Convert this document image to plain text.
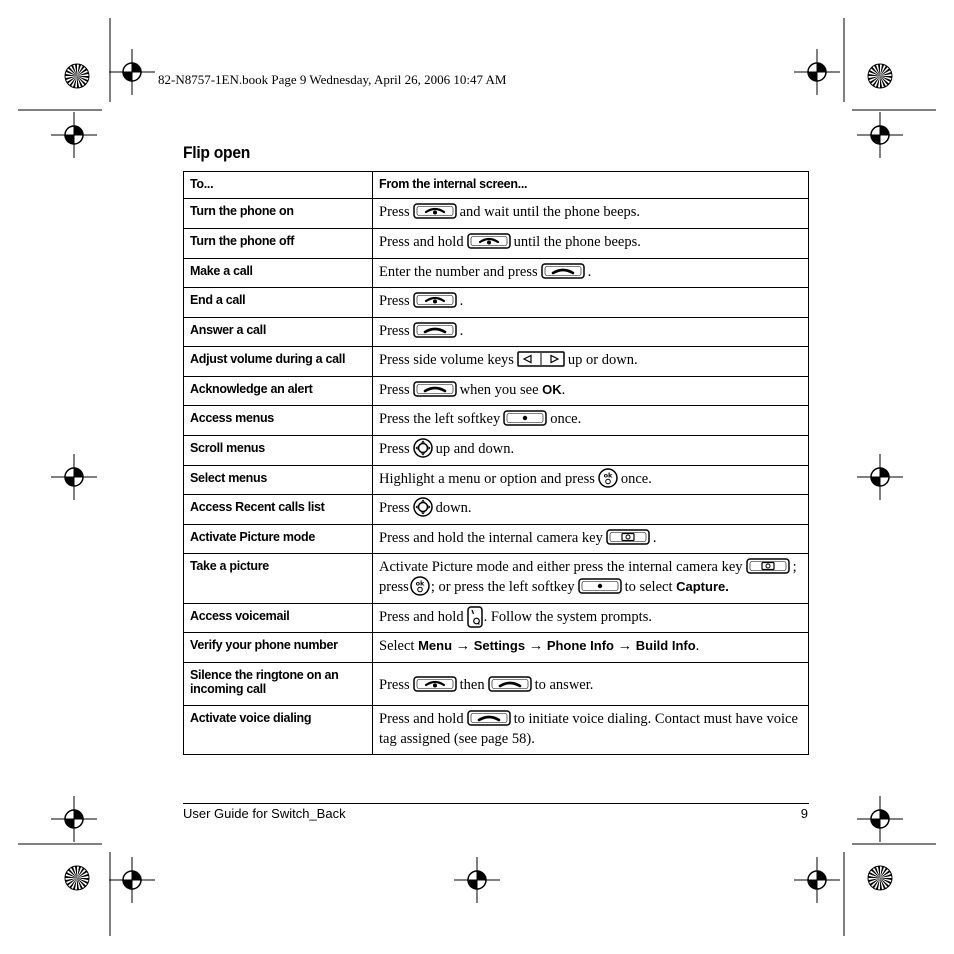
82-N8757-1EN.book Page 9 Wednesday, April 26, 2006 10:47 AM
Flip open
To...	From the internal screen...
Turn the phone on	Press and wait until the phone beeps.
Turn the phone off	Press and hold until the phone beeps.
Make a call	Enter the number and press .
End a call	Press .
Answer a call	Press .
Adjust volume during a call	Press side volume keys up or down.
Acknowledge an alert	Press when you see OK.
Access menus	Press the left softkey once.
Scroll menus	Press up and down.
Select menus	Highlight a menu or option and press once.
Access Recent calls list	Press down.
Activate Picture mode	Press and hold the internal camera key .
Take a picture	Activate Picture mode and either press the internal camera key ;
press ; or press the left softkey to select Capture.
Access voicemail	Press and hold . Follow the system prompts.
Verify your phone number	Select Menu → Settings → Phone Info → Build Info.
Silence the ringtone on an incoming call	Press then to answer.
Activate voice dialing	Press and hold to initiate voice dialing. Contact must have voice tag assigned (see page 58).
User Guide for Switch_Back	9
